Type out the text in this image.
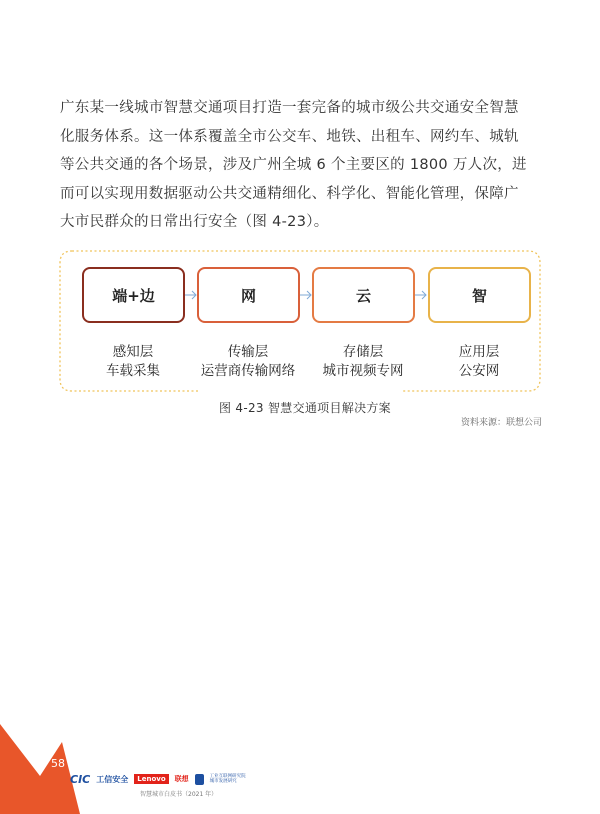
广东某一线城市智慧交通项目打造一套完备的城市级公共交通安全智慧
化服务体系。这一体系覆盖全市公交车、地铁、出租车、网约车、城轨
等公共交通的各个场景，涉及广州全城 6 个主要区的 1800 万人次，进
而可以实现用数据驱动公共交通精细化、科学化、智能化管理，保障广
大市民群众的日常出行安全（图 4-23）。
端+边	网	云	智
感知层
车载采集
传输层
运营商传输网络
存储层
城市视频专网
应用层
公安网
图 4-23 智慧交通项目解决方案
资料来源：联想公司
58
CIC 工信安全	Lenovo	联想	工业互联网研究院 城市发展研究
智慧城市白皮书（2021 年）
